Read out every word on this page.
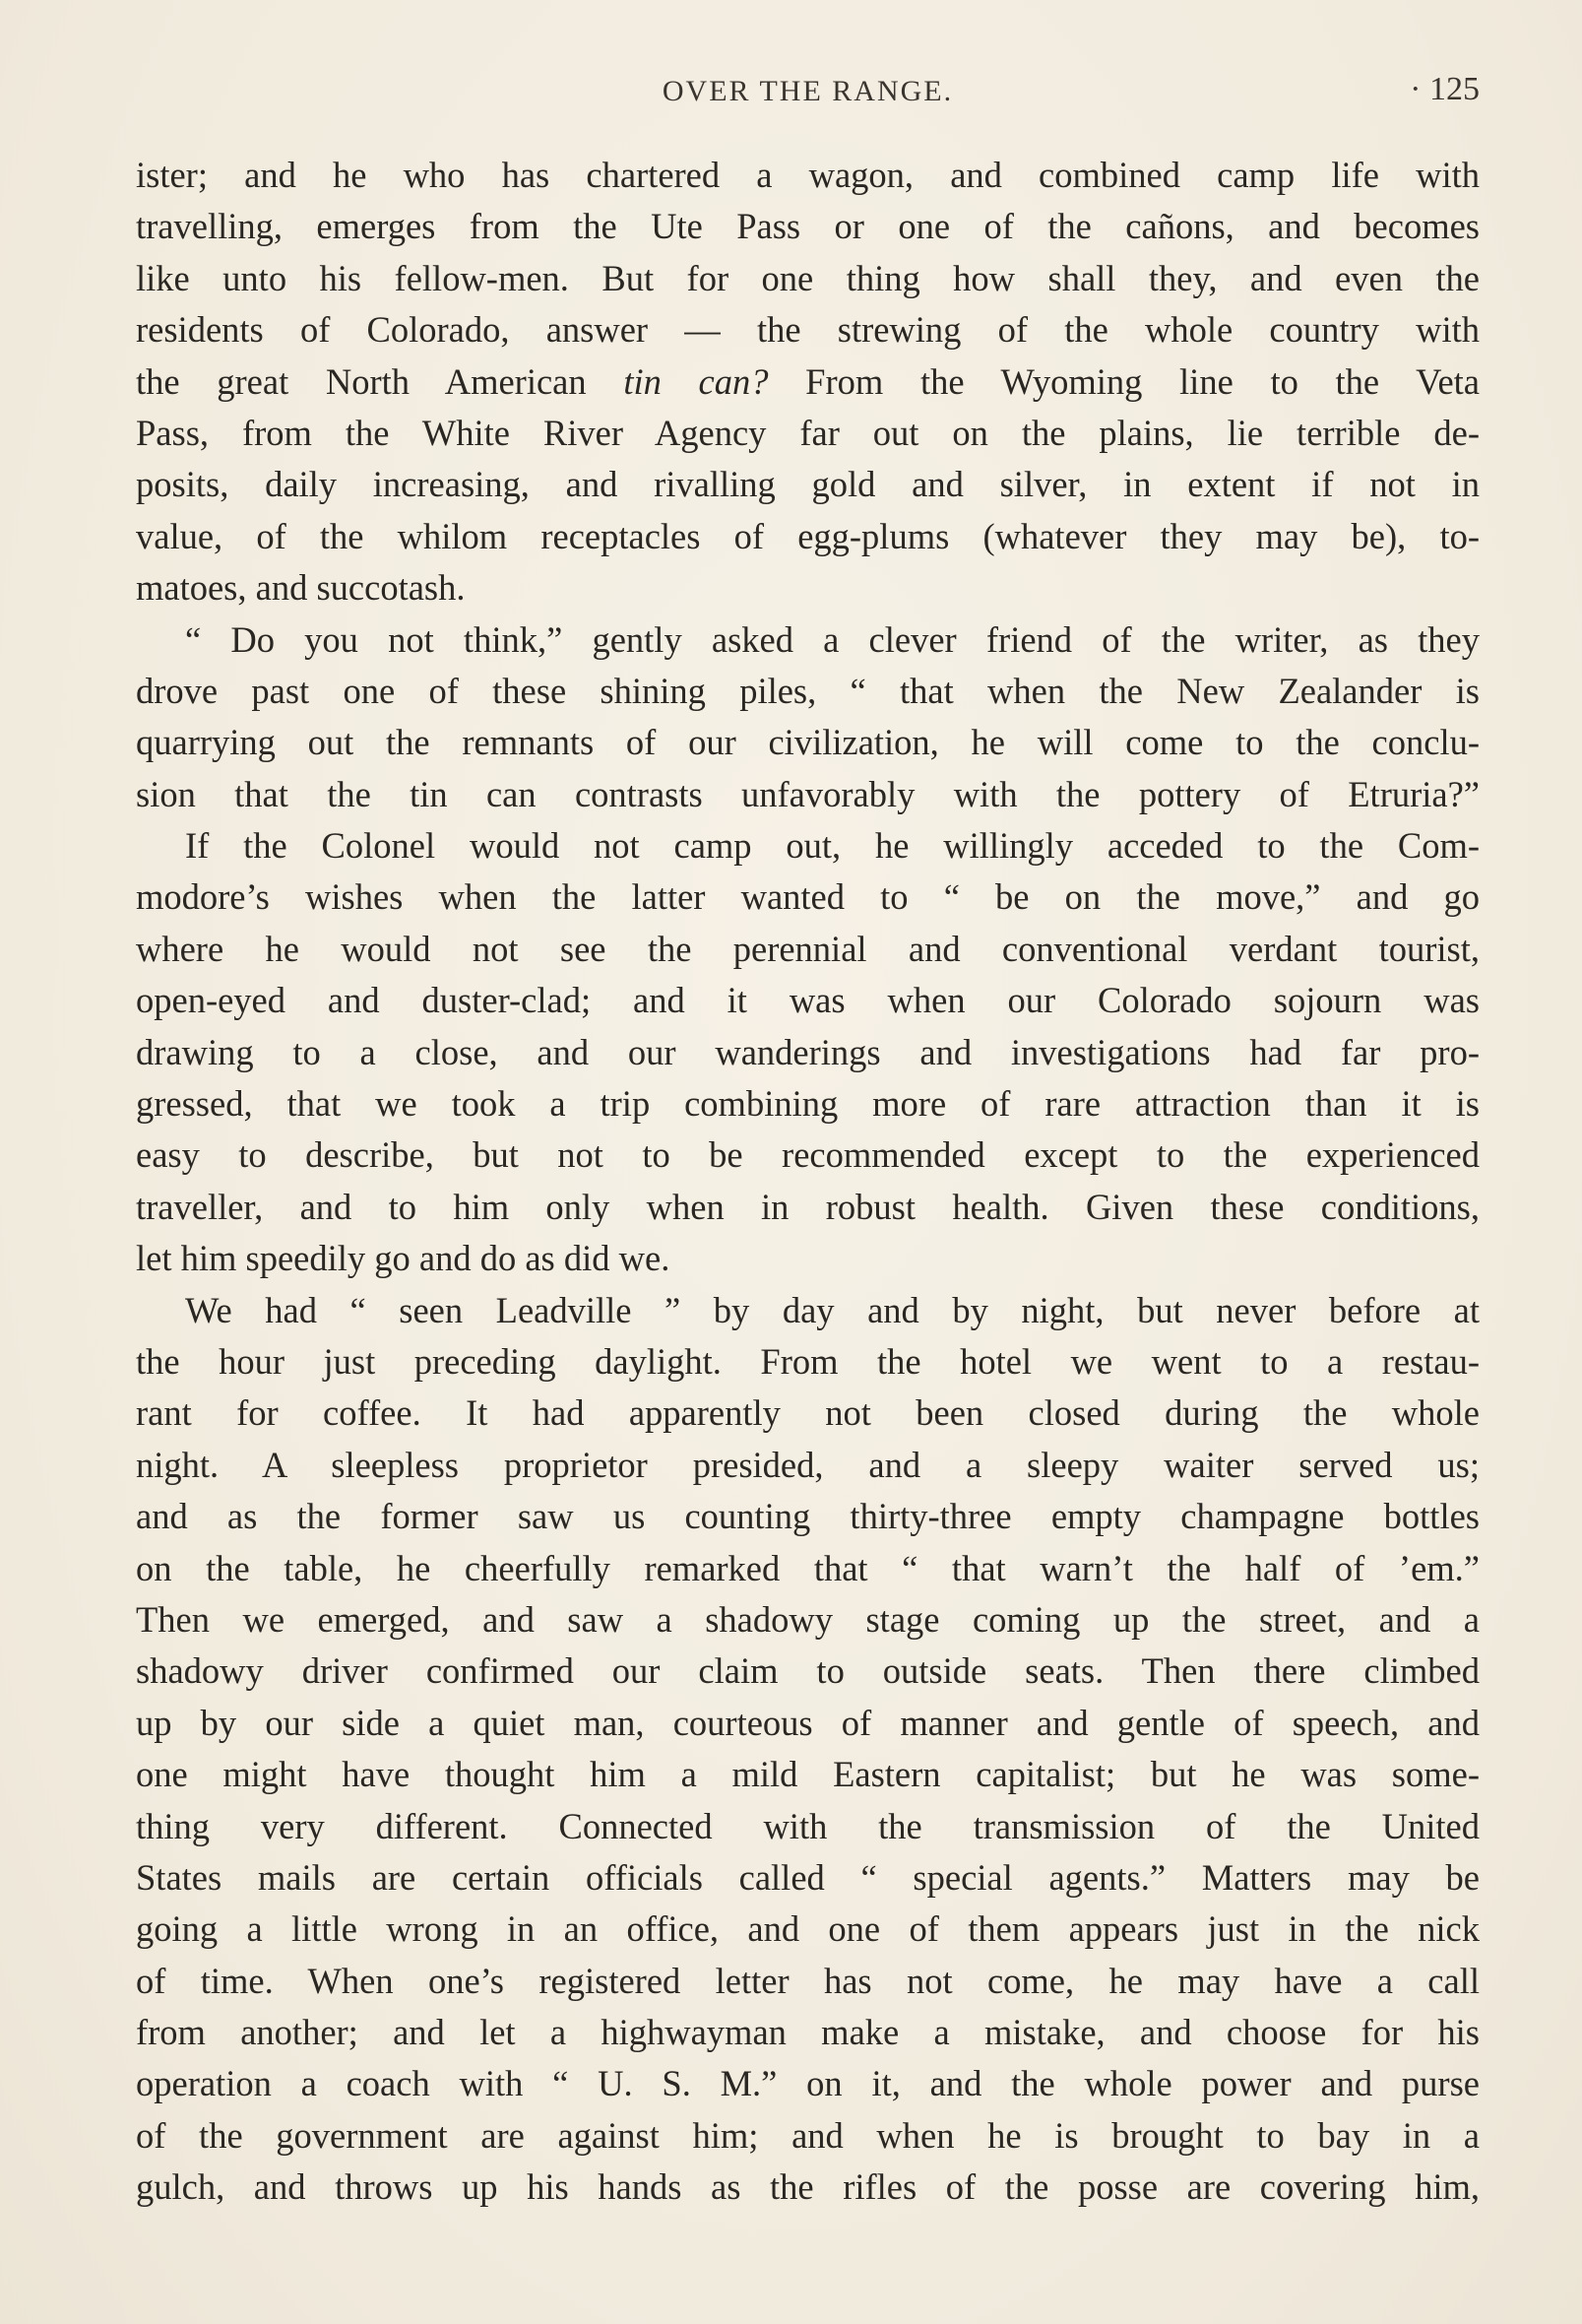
OVER THE RANGE.	· 125
ister; and he who has chartered a wagon, and combined camp life with
travelling, emerges from the Ute Pass or one of the cañons, and becomes
like unto his fellow-men. But for one thing how shall they, and even the
residents of Colorado, answer — the strewing of the whole country with
the great North American tin can? From the Wyoming line to the Veta
Pass, from the White River Agency far out on the plains, lie terrible de-
posits, daily increasing, and rivalling gold and silver, in extent if not in
value, of the whilom receptacles of egg-plums (whatever they may be), to-
matoes, and succotash.
“ Do you not think,” gently asked a clever friend of the writer, as they
drove past one of these shining piles, “ that when the New Zealander is
quarrying out the remnants of our civilization, he will come to the conclu-
sion that the tin can contrasts unfavorably with the pottery of Etruria?”
If the Colonel would not camp out, he willingly acceded to the Com-
modore’s wishes when the latter wanted to “ be on the move,” and go
where he would not see the perennial and conventional verdant tourist,
open-eyed and duster-clad; and it was when our Colorado sojourn was
drawing to a close, and our wanderings and investigations had far pro-
gressed, that we took a trip combining more of rare attraction than it is
easy to describe, but not to be recommended except to the experienced
traveller, and to him only when in robust health. Given these conditions,
let him speedily go and do as did we.
We had “ seen Leadville ” by day and by night, but never before at
the hour just preceding daylight. From the hotel we went to a restau-
rant for coffee. It had apparently not been closed during the whole
night. A sleepless proprietor presided, and a sleepy waiter served us;
and as the former saw us counting thirty-three empty champagne bottles
on the table, he cheerfully remarked that “ that warn’t the half of ’em.”
Then we emerged, and saw a shadowy stage coming up the street, and a
shadowy driver confirmed our claim to outside seats. Then there climbed
up by our side a quiet man, courteous of manner and gentle of speech, and
one might have thought him a mild Eastern capitalist; but he was some-
thing very different. Connected with the transmission of the United
States mails are certain officials called “ special agents.” Matters may be
going a little wrong in an office, and one of them appears just in the nick
of time. When one’s registered letter has not come, he may have a call
from another; and let a highwayman make a mistake, and choose for his
operation a coach with “ U. S. M.” on it, and the whole power and purse
of the government are against him; and when he is brought to bay in a
gulch, and throws up his hands as the rifles of the posse are covering him,
